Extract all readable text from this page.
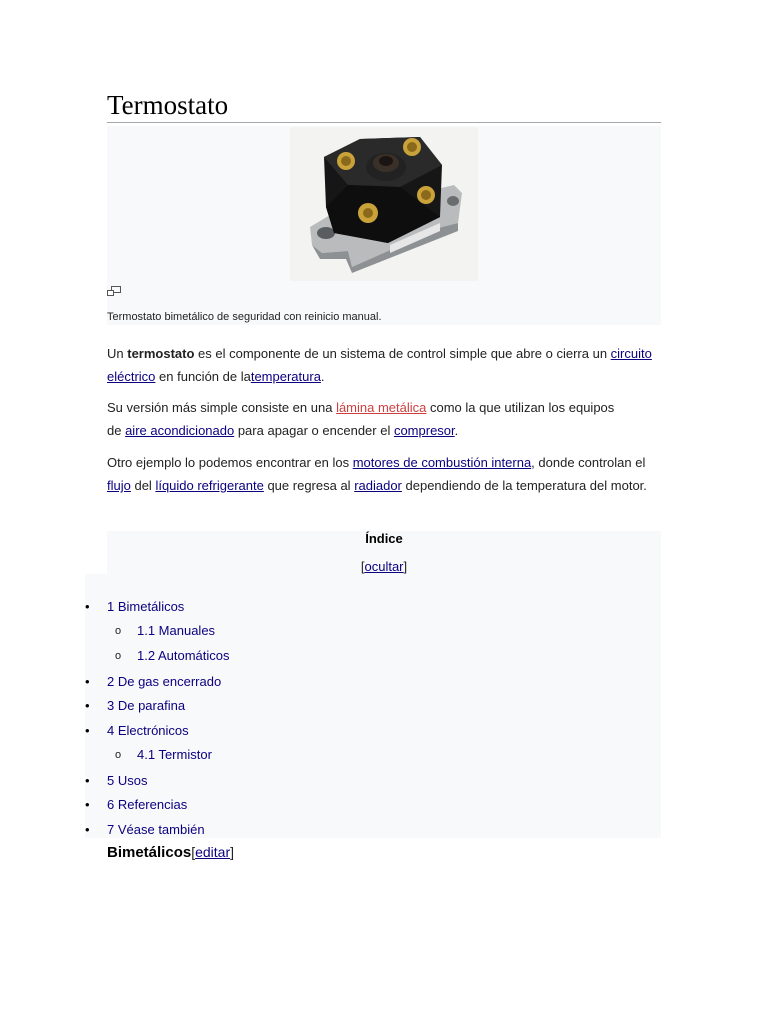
Termostato
Termostato bimetálico de seguridad con reinicio manual.

Un termostato es el componente de un sistema de control simple que abre o cierra un circuito eléctrico en función de latemperatura.

Su versión más simple consiste en una lámina metálica como la que utilizan los equipos de aire acondicionado para apagar o encender el compresor.

Otro ejemplo lo podemos encontrar en los motores de combustión interna, donde controlan el flujo del líquido refrigerante que regresa al radiador dependiendo de la temperatura del motor.

Índice
[ocultar]
• 1 Bimetálicos
o 1.1 Manuales
o 1.2 Automáticos
• 2 De gas encerrado
• 3 De parafina
• 4 Electrónicos
o 4.1 Termistor
• 5 Usos
• 6 Referencias
• 7 Véase también
Bimetálicos[editar]
